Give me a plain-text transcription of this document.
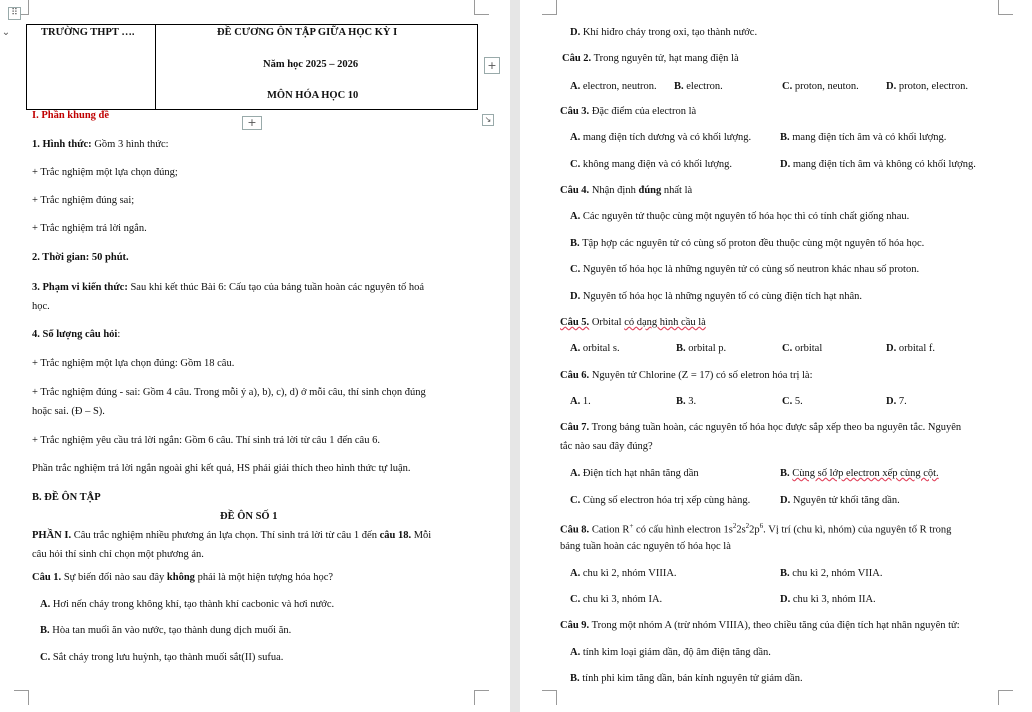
⠿
⌄	TRƯỜNG THPT ….	ĐỀ CƯƠNG ÔN TẬP GIỮA HỌC KỲ I
Năm học 2025 – 2026
MÔN HÓA HỌC 10
+
+	↘
I. Phần khung đề
1. Hình thức: Gồm 3 hình thức:
+ Trắc nghiệm một lựa chọn đúng;
+ Trắc nghiệm đúng sai;
+ Trắc nghiệm trả lời ngắn.
2. Thời gian: 50 phút.
3. Phạm vi kiến thức: Sau khi kết thúc Bài 6: Cấu tạo của bảng tuần hoàn các nguyên tố hoá
học.
4. Số lượng câu hỏi:
+ Trắc nghiệm một lựa chọn đúng: Gồm 18 câu.
+ Trắc nghiệm đúng - sai: Gồm 4 câu. Trong mỗi ý a), b), c), d) ở mỗi câu, thí sinh chọn đúng
hoặc sai. (Đ – S).
+ Trắc nghiệm yêu cầu trả lời ngắn: Gồm 6 câu. Thí sinh trả lời từ câu 1 đến câu 6.
Phần trắc nghiệm trả lời ngắn ngoài ghi kết quả, HS phải giải thích theo hình thức tự luận.
B. ĐỀ ÔN TẬP
ĐỀ ÔN SỐ 1
PHẦN I. Câu trắc nghiệm nhiều phương án lựa chọn. Thí sinh trả lời từ câu 1 đến câu 18. Mỗi
câu hỏi thí sinh chỉ chọn một phương án.
Câu 1. Sự biến đổi nào sau đây không phải là một hiện tượng hóa học?
A. Hơi nến cháy trong không khí, tạo thành khí cacbonic và hơi nước.
B. Hòa tan muối ăn vào nước, tạo thành dung dịch muối ăn.
C. Sắt cháy trong lưu huỳnh, tạo thành muối sắt(II) sufua.
D. Khí hiđro cháy trong oxi, tạo thành nước.
Câu 2. Trong nguyên tử, hạt mang điện là
A. electron, neutron. B. electron.	C. proton, neuton.	D. proton, electron.
Câu 3. Đặc điểm của electron là
A. mang điện tích dương và có khối lượng.	B. mang điện tích âm và có khối lượng.
C. không mang điện và có khối lượng.	D. mang điện tích âm và không có khối lượng.
Câu 4. Nhận định đúng nhất là
A. Các nguyên tử thuộc cùng một nguyên tố hóa học thì có tính chất giống nhau.
B. Tập hợp các nguyên tử có cùng số proton đều thuộc cùng một nguyên tố hóa học.
C. Nguyên tố hóa học là những nguyên tử có cùng số neutron khác nhau số proton.
D. Nguyên tố hóa học là những nguyên tố có cùng điện tích hạt nhân.
Câu 5. Orbital có dạng hình cầu là
A. orbital s.	B. orbital p.	C. orbital	D. orbital f.
Câu 6. Nguyên tử Chlorine (Z = 17) có số eletron hóa trị là:
A. 1.	B. 3.	C. 5.	D. 7.
Câu 7. Trong bảng tuần hoàn, các nguyên tố hóa học được sắp xếp theo ba nguyên tắc. Nguyên
tắc nào sau đây đúng?
A. Điện tích hạt nhân tăng dần	B. Cùng số lớp electron xếp cùng cột.
C. Cùng số electron hóa trị xếp cùng hàng.	D. Nguyên tử khối tăng dần.
Câu 8. Cation R+ có cấu hình electron $1s^22s^22p^6$. Vị trí (chu kì, nhóm) của nguyên tố R trong
bảng tuần hoàn các nguyên tố hóa học là
A. chu kì 2, nhóm VIIIA.	B. chu kì 2, nhóm VIIA.
C. chu kì 3, nhóm IA.	D. chu kì 3, nhóm IIA.
Câu 9. Trong một nhóm A (trừ nhóm VIIIA), theo chiều tăng của điện tích hạt nhân nguyên tử:
A. tính kim loại giảm dần, độ âm điện tăng dần.
B. tính phi kim tăng dần, bán kính nguyên tử giảm dần.
